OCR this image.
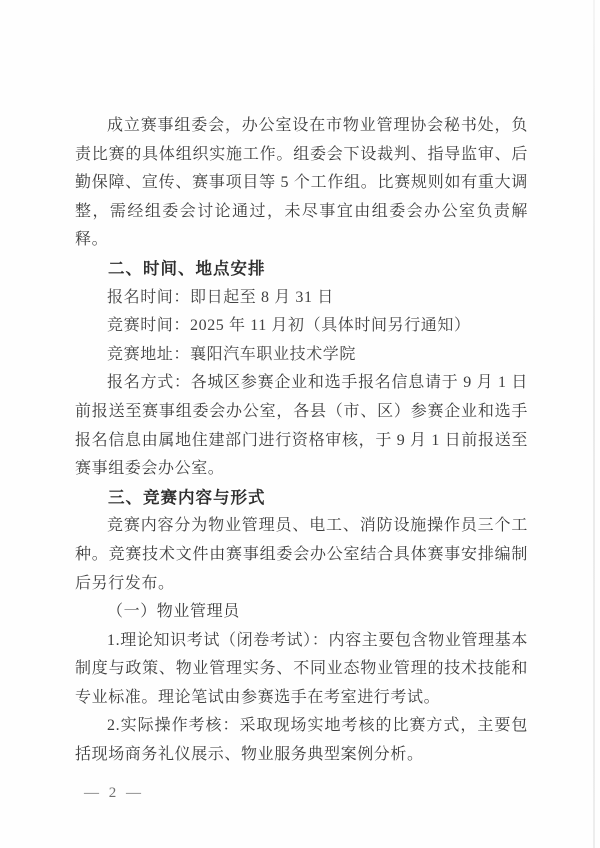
成立赛事组委会，办公室设在市物业管理协会秘书处，负责比赛的具体组织实施工作。组委会下设裁判、指导监审、后勤保障、宣传、赛事项目等 5 个工作组。比赛规则如有重大调整，需经组委会讨论通过，未尽事宜由组委会办公室负责解释。

二、时间、地点安排

报名时间：即日起至 8 月 31 日

竞赛时间：2025 年 11 月初（具体时间另行通知）

竞赛地址：襄阳汽车职业技术学院

报名方式：各城区参赛企业和选手报名信息请于 9 月 1 日前报送至赛事组委会办公室，各县（市、区）参赛企业和选手报名信息由属地住建部门进行资格审核，于 9 月 1 日前报送至赛事组委会办公室。

三、竞赛内容与形式

竞赛内容分为物业管理员、电工、消防设施操作员三个工种。竞赛技术文件由赛事组委会办公室结合具体赛事安排编制后另行发布。

（一）物业管理员

1.理论知识考试（闭卷考试）：内容主要包含物业管理基本制度与政策、物业管理实务、不同业态物业管理的技术技能和专业标准。理论笔试由参赛选手在考室进行考试。

2.实际操作考核：采取现场实地考核的比赛方式，主要包括现场商务礼仪展示、物业服务典型案例分析。

— 2 —
